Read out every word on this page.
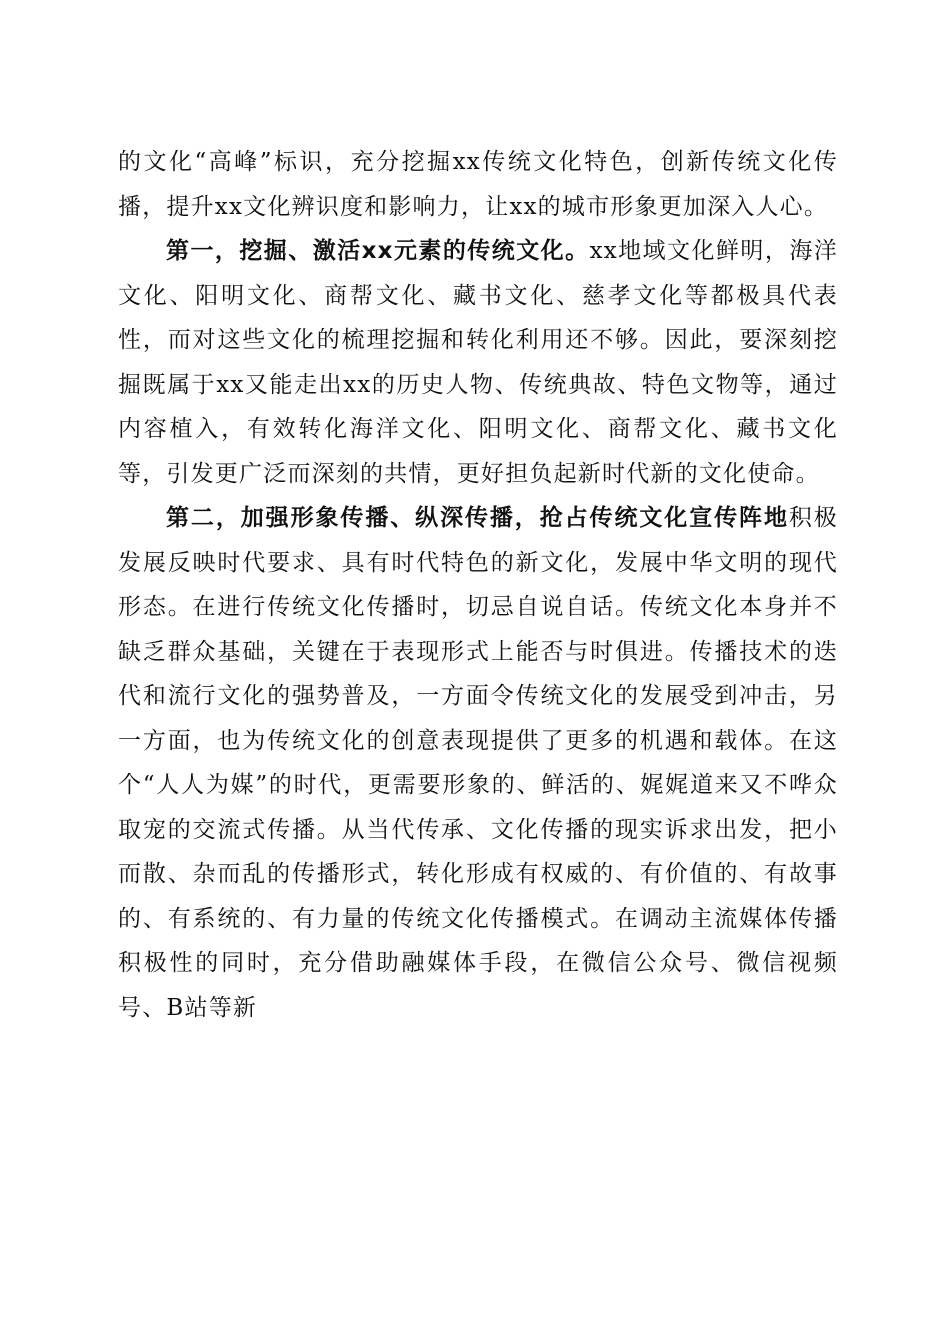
的文化“高峰”标识，充分挖掘xx传统文化特色，创新传统文化传播，提升xx文化辨识度和影响力，让xx的城市形象更加深入人心。

第一，挖掘、激活xx元素的传统文化。xx地域文化鲜明，海洋文化、阳明文化、商帮文化、藏书文化、慈孝文化等都极具代表性，而对这些文化的梳理挖掘和转化利用还不够。因此，要深刻挖掘既属于xx又能走出xx的历史人物、传统典故、特色文物等，通过内容植入，有效转化海洋文化、阳明文化、商帮文化、藏书文化等，引发更广泛而深刻的共情，更好担负起新时代新的文化使命。

第二，加强形象传播、纵深传播，抢占传统文化宣传阵地积极发展反映时代要求、具有时代特色的新文化，发展中华文明的现代形态。在进行传统文化传播时，切忌自说自话。传统文化本身并不缺乏群众基础，关键在于表现形式上能否与时俱进。传播技术的迭代和流行文化的强势普及，一方面令传统文化的发展受到冲击，另一方面，也为传统文化的创意表现提供了更多的机遇和载体。在这个“人人为媒”的时代，更需要形象的、鲜活的、娓娓道来又不哗众取宠的交流式传播。从当代传承、文化传播的现实诉求出发，把小而散、杂而乱的传播形式，转化形成有权威的、有价值的、有故事的、有系统的、有力量的传统文化传播模式。在调动主流媒体传播积极性的同时，充分借助融媒体手段，在微信公众号、微信视频号、B站等新
